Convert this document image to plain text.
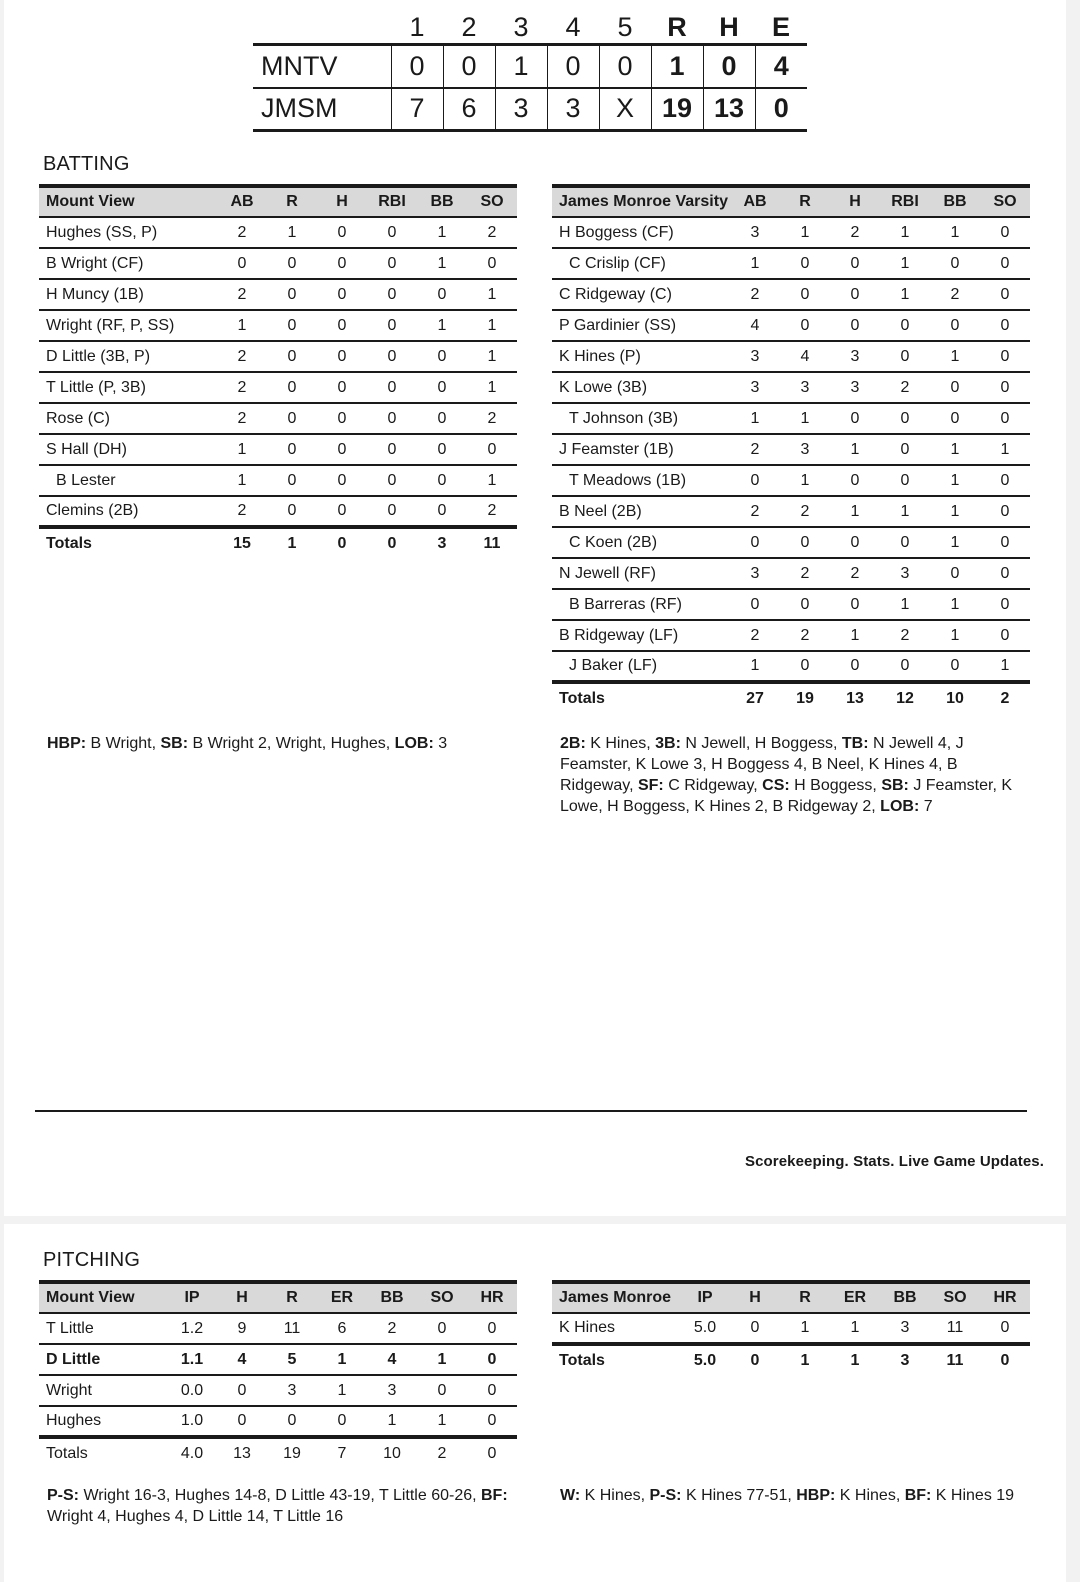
	1	2	3	4	5	R	H	E
MNTV	0	0	1	0	0	1	0	4
JMSM	7	6	3	3	X	19	13	0
BATTING
Mount View	AB	R	H	RBI	BB	SO
Hughes (SS, P)	2	1	0	0	1	2
B Wright (CF)	0	0	0	0	1	0
H Muncy (1B)	2	0	0	0	0	1
Wright (RF, P, SS)	1	0	0	0	1	1
D Little (3B, P)	2	0	0	0	0	1
T Little (P, 3B)	2	0	0	0	0	1
Rose (C)	2	0	0	0	0	2
S Hall (DH)	1	0	0	0	0	0
B Lester	1	0	0	0	0	1
Clemins (2B)	2	0	0	0	0	2
Totals	15	1	0	0	3	11
James Monroe Varsity	AB	R	H	RBI	BB	SO
H Boggess (CF)	3	1	2	1	1	0
C Crislip (CF)	1	0	0	1	0	0
C Ridgeway (C)	2	0	0	1	2	0
P Gardinier (SS)	4	0	0	0	0	0
K Hines (P)	3	4	3	0	1	0
K Lowe (3B)	3	3	3	2	0	0
T Johnson (3B)	1	1	0	0	0	0
J Feamster (1B)	2	3	1	0	1	1
T Meadows (1B)	0	1	0	0	1	0
B Neel (2B)	2	2	1	1	1	0
C Koen (2B)	0	0	0	0	1	0
N Jewell (RF)	3	2	2	3	0	0
B Barreras (RF)	0	0	0	1	1	0
B Ridgeway (LF)	2	2	1	2	1	0
J Baker (LF)	1	0	0	0	0	1
Totals	27	19	13	12	10	2
HBP: B Wright, SB: B Wright 2, Wright, Hughes, LOB: 3	2B: K Hines, 3B: N Jewell, H Boggess, TB: N Jewell 4, J Feamster, K Lowe 3, H Boggess 4, B Neel, K Hines 4, B Ridgeway, SF: C Ridgeway, CS: H Boggess, SB: J Feamster, K Lowe, H Boggess, K Hines 2, B Ridgeway 2, LOB: 7
Scorekeeping. Stats. Live Game Updates.
PITCHING
Mount View	IP	H	R	ER	BB	SO	HR
T Little	1.2	9	11	6	2	0	0
D Little	1.1	4	5	1	4	1	0
Wright	0.0	0	3	1	3	0	0
Hughes	1.0	0	0	0	1	1	0
Totals	4.0	13	19	7	10	2	0
James Monroe	IP	H	R	ER	BB	SO	HR
K Hines	5.0	0	1	1	3	11	0
Totals	5.0	0	1	1	3	11	0
P-S: Wright 16-3, Hughes 14-8, D Little 43-19, T Little 60-26, BF: Wright 4, Hughes 4, D Little 14, T Little 16
W: K Hines, P-S: K Hines 77-51, HBP: K Hines, BF: K Hines 19
